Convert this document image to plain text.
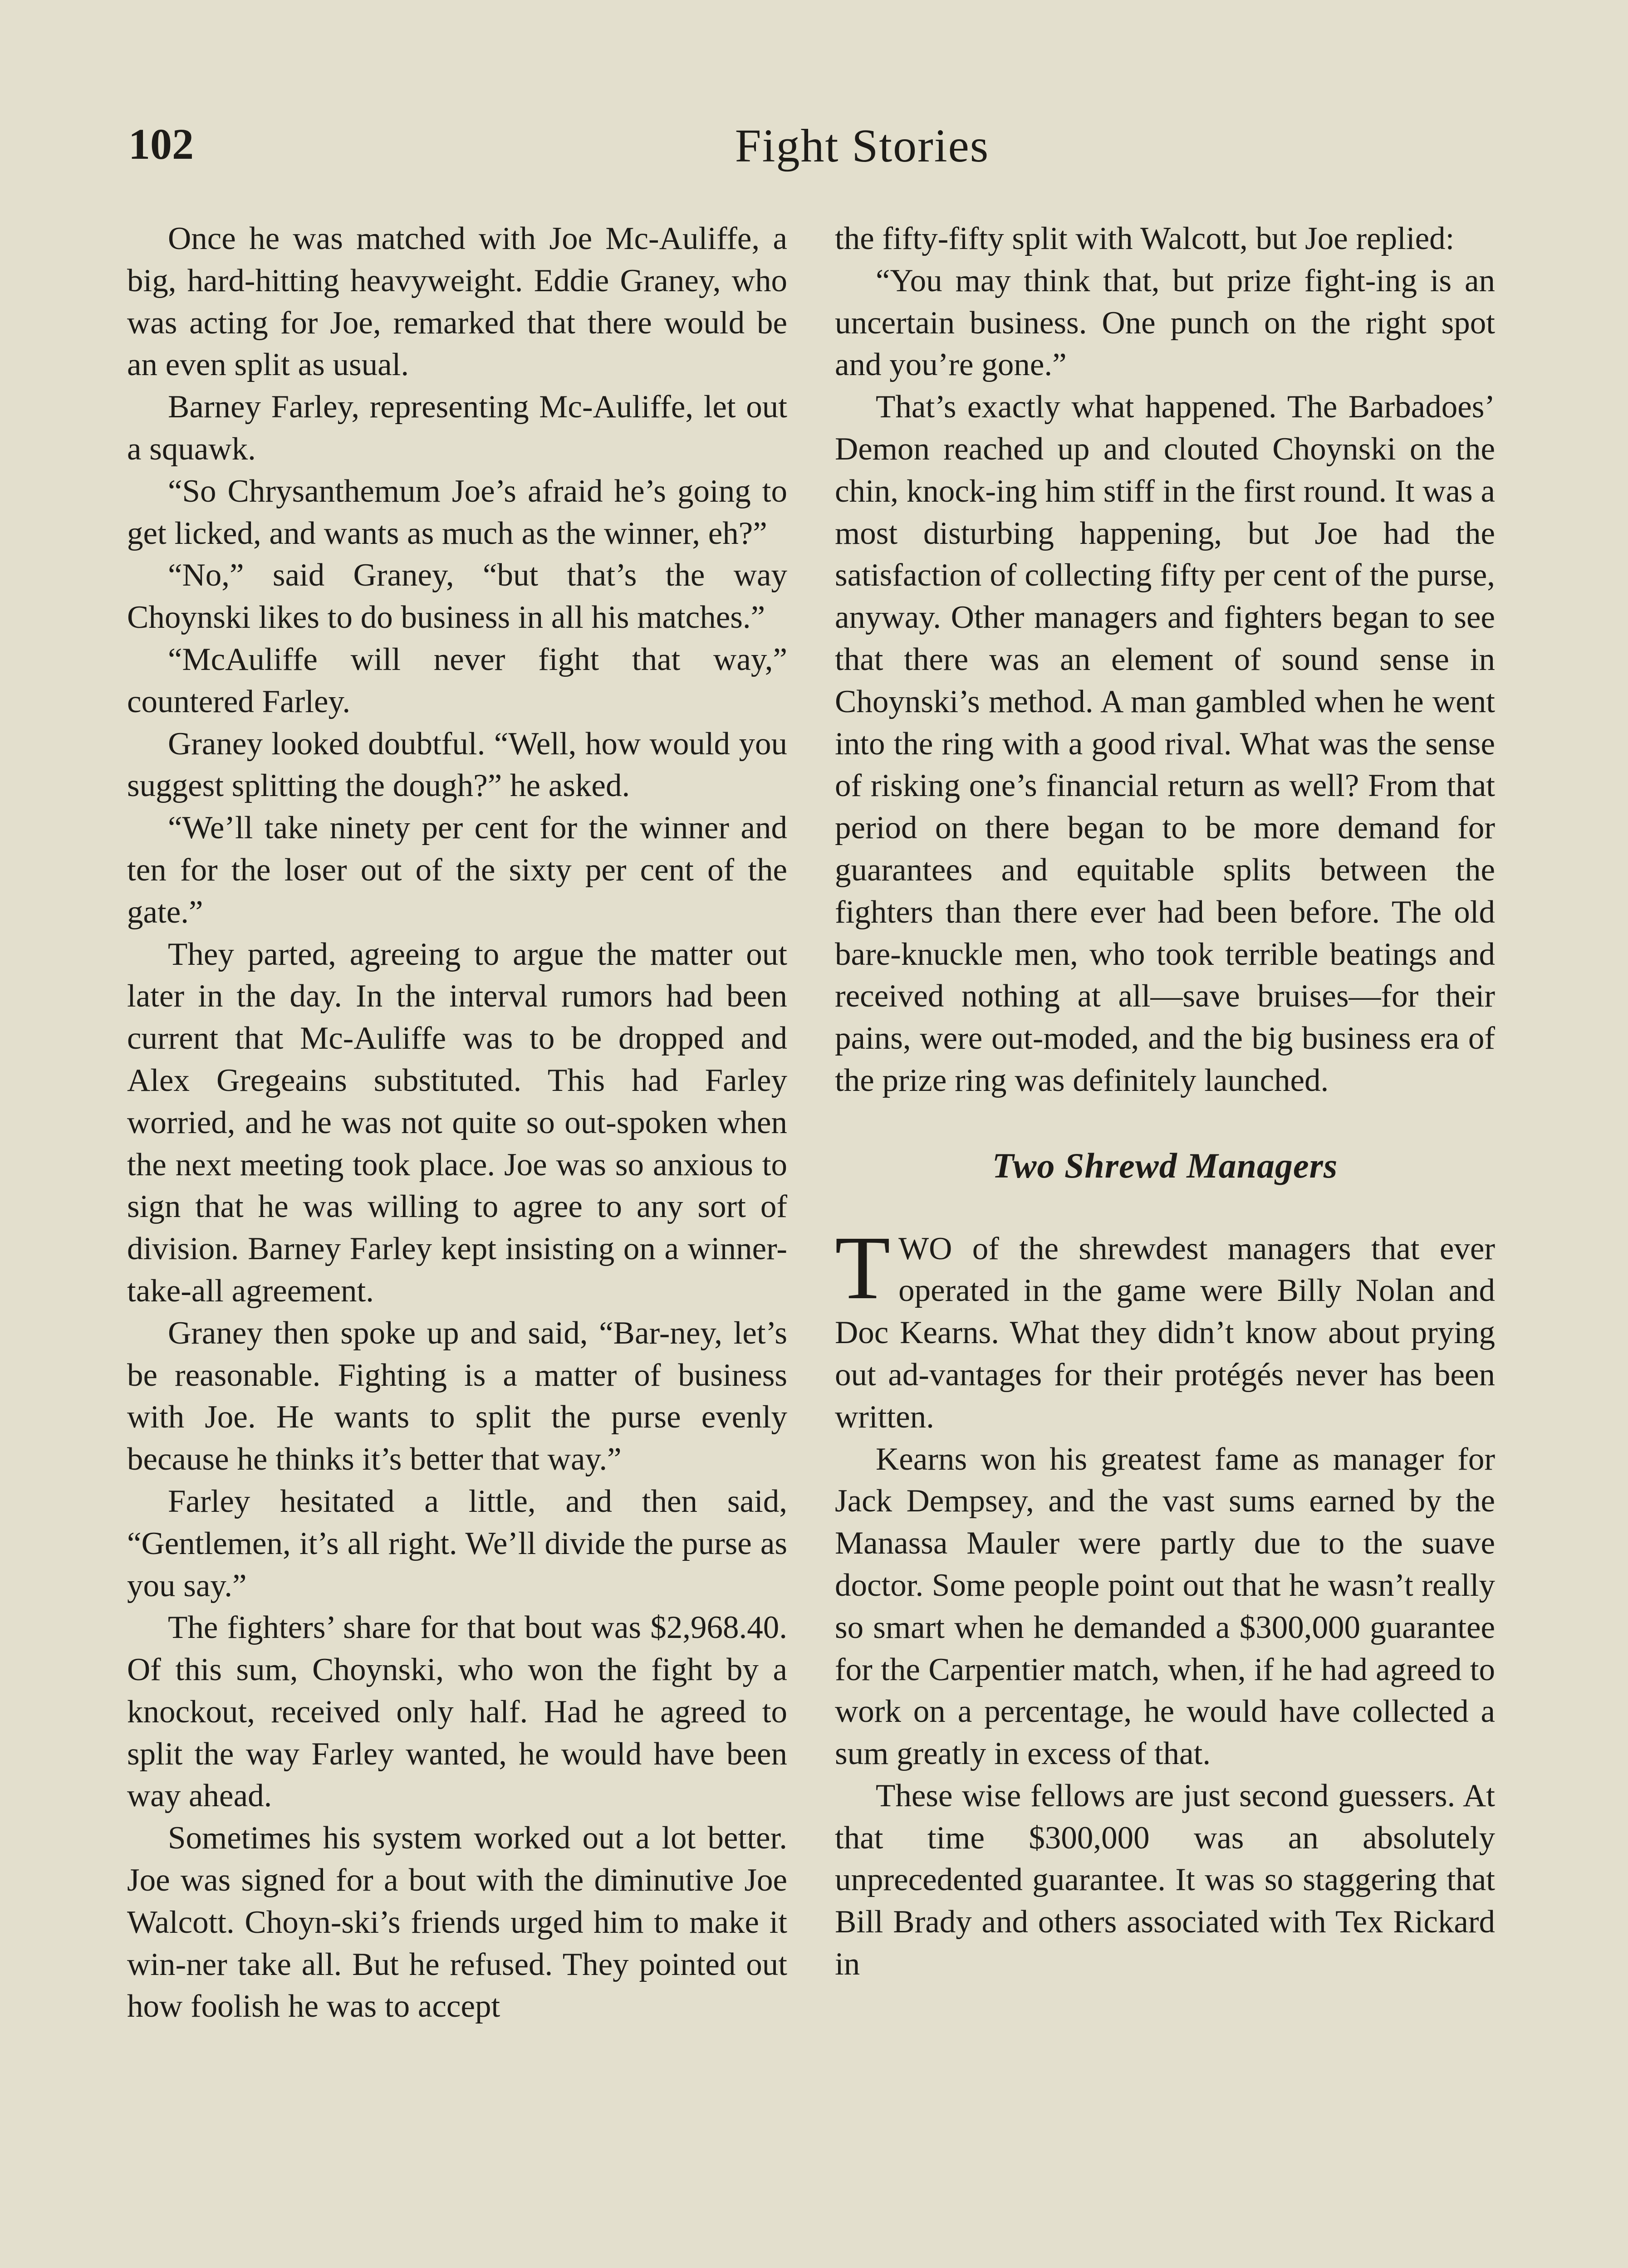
102	Fight Stories

Once he was matched with Joe Mc-Auliffe, a big, hard-hitting heavyweight. Eddie Graney, who was acting for Joe, remarked that there would be an even split as usual.

Barney Farley, representing Mc-Auliffe, let out a squawk.

“So Chrysanthemum Joe’s afraid he’s going to get licked, and wants as much as the winner, eh?”

“No,” said Graney, “but that’s the way Choynski likes to do business in all his matches.”

“McAuliffe will never fight that way,” countered Farley.

Graney looked doubtful. “Well, how would you suggest splitting the dough?” he asked.

“We’ll take ninety per cent for the winner and ten for the loser out of the sixty per cent of the gate.”

They parted, agreeing to argue the matter out later in the day. In the interval rumors had been current that Mc-Auliffe was to be dropped and Alex Gregeains substituted. This had Farley worried, and he was not quite so out-spoken when the next meeting took place. Joe was so anxious to sign that he was willing to agree to any sort of division. Barney Farley kept insisting on a winner-take-all agreement.

Graney then spoke up and said, “Bar-ney, let’s be reasonable. Fighting is a matter of business with Joe. He wants to split the purse evenly because he thinks it’s better that way.”

Farley hesitated a little, and then said, “Gentlemen, it’s all right. We’ll divide the purse as you say.”

The fighters’ share for that bout was $2,968.40. Of this sum, Choynski, who won the fight by a knockout, received only half. Had he agreed to split the way Farley wanted, he would have been way ahead.

Sometimes his system worked out a lot better. Joe was signed for a bout with the diminutive Joe Walcott. Choyn-ski’s friends urged him to make it win-ner take all. But he refused. They pointed out how foolish he was to accept

the fifty-fifty split with Walcott, but Joe replied:

“You may think that, but prize fight-ing is an uncertain business. One punch on the right spot and you’re gone.”

That’s exactly what happened. The Barbadoes’ Demon reached up and clouted Choynski on the chin, knock-ing him stiff in the first round. It was a most disturbing happening, but Joe had the satisfaction of collecting fifty per cent of the purse, anyway. Other managers and fighters began to see that there was an element of sound sense in Choynski’s method. A man gambled when he went into the ring with a good rival. What was the sense of risking one’s financial return as well? From that period on there began to be more demand for guarantees and equitable splits between the fighters than there ever had been before. The old bare-knuckle men, who took terrible beatings and received nothing at all—save bruises—for their pains, were out-moded, and the big business era of the prize ring was definitely launched.

Two Shrewd Managers

TWO of the shrewdest managers that ever operated in the game were Billy Nolan and Doc Kearns. What they didn’t know about prying out ad-vantages for their protégés never has been written.

Kearns won his greatest fame as manager for Jack Dempsey, and the vast sums earned by the Manassa Mauler were partly due to the suave doctor. Some people point out that he wasn’t really so smart when he demanded a $300,000 guarantee for the Carpentier match, when, if he had agreed to work on a percentage, he would have collected a sum greatly in excess of that.

These wise fellows are just second guessers. At that time $300,000 was an absolutely unprecedented guarantee. It was so staggering that Bill Brady and others associated with Tex Rickard in
